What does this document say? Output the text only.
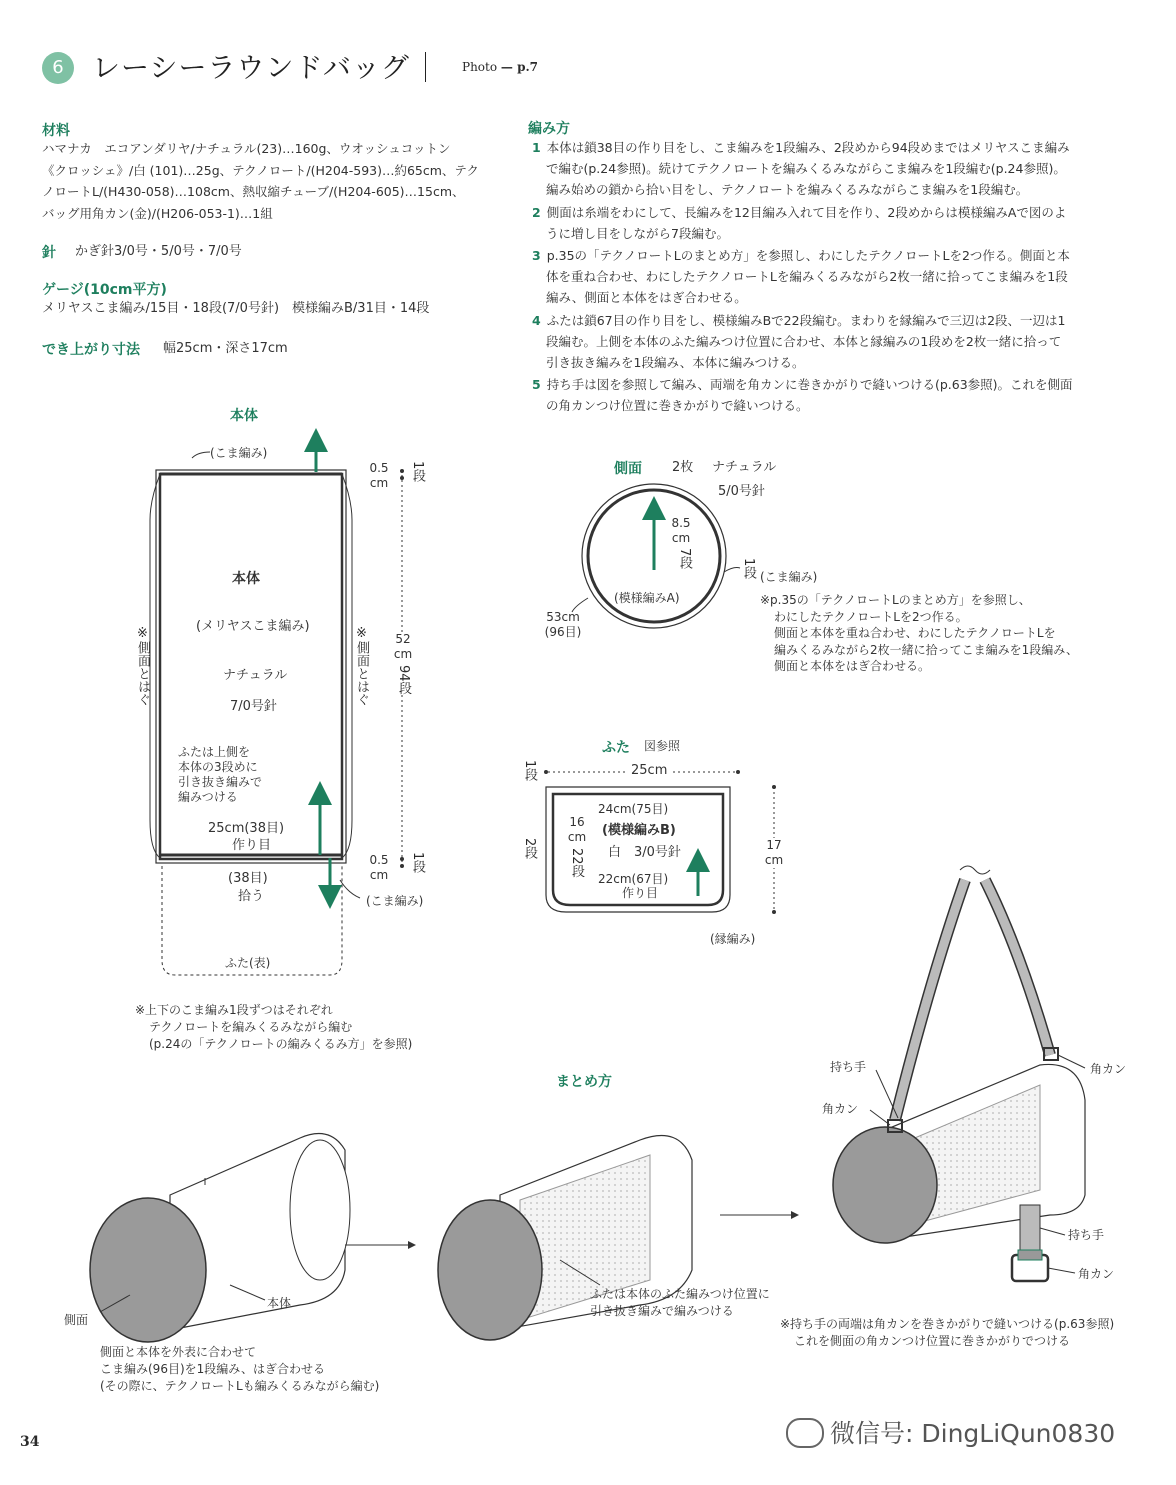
6	レーシーラウンドバッグ	Photo — p.7
材料
ハマナカ　エコアンダリヤ/ナチュラル(23)…160g、ウオッシュコットン
《クロッシェ》/白 (101)…25g、テクノロート/(H204-593)…約65cm、テク
ノロートL/(H430-058)…108cm、熱収縮チューブ/(H204-605)…15cm、
バッグ用角カン(金)/(H206-053-1)…1組
針 かぎ針3/0号・5/0号・7/0号
ゲージ(10cm平方)
メリヤスこま編み/15目・18段(7/0号針)　模様編みB/31目・14段
でき上がり寸法 幅25cm・深さ17cm
編み方
1 本体は鎖38目の作り目をし、こま編みを1段編み、2段めから94段めまではメリヤスこま編み
で編む(p.24参照)。続けてテクノロートを編みくるみながらこま編みを1段編む(p.24参照)。
編み始めの鎖から拾い目をし、テクノロートを編みくるみながらこま編みを1段編む。
2 側面は糸端をわにして、長編みを12目編み入れて目を作り、2段めからは模様編みAで図のよ
うに増し目をしながら7段編む。
3 p.35の「テクノロートLのまとめ方」を参照し、わにしたテクノロートLを2つ作る。側面と本
体を重ね合わせ、わにしたテクノロートLを編みくるみながら2枚一緒に拾ってこま編みを1段
編み、側面と本体をはぎ合わせる。
4 ふたは鎖67目の作り目をし、模様編みBで22段編む。まわりを縁編みで三辺は2段、一辺は1
段編む。上側を本体のふた編みつけ位置に合わせ、本体と縁編みの1段めを2枚一緒に拾って
引き抜き編みを1段編み、本体に編みつける。
5 持ち手は図を参照して編み、両端を角カンに巻きかがりで縫いつける(p.63参照)。これを側面
の角カンつけ位置に巻きかがりで縫いつける。
本体
(こま編み)
本体
(メリヤスこま編み)
ナチュラル
7/0号針
ふたは上側を
本体の3段めに
引き抜き編みで
編みつける
25cm(38目)
作り目
(38目)
拾う	(こま編み)
ふた(表)
※側面とはぐ	※側面とはぐ
0.5
cm
1段
52
cm
94段
0.5
cm
1段
※上下のこま編み1段ずつはそれぞれ
テクノロートを編みくるみながら編む
(p.24の「テクノロートの編みくるみ方」を参照)
側面 2枚 ナチュラル
5/0号針
8.5
cm
7段
(模様編みA)
53cm
(96目)
1段 (こま編み)
※p.35の「テクノロートLのまとめ方」を参照し、
わにしたテクノロートLを2つ作る。
側面と本体を重ね合わせ、わにしたテクノロートLを
編みくるみながら2枚一緒に拾ってこま編みを1段編み、
側面と本体をはぎ合わせる。
ふた 図参照
25cm
1段
2段
24cm(75目)
16
cm
22段
(模様編みB)
白　3/0号針
22cm(67目)
作り目
17
cm
(縁編み)
まとめ方
側面
本体
側面と本体を外表に合わせて
こま編み(96目)を1段編み、はぎ合わせる
(その際に、テクノロートLも編みくるみながら編む)
ふたは本体のふた編みつけ位置に
引き抜き編みで編みつける
持ち手
角カン
角カン
持ち手
角カン
※持ち手の両端は角カンを巻きかがりで縫いつける(p.63参照)
これを側面の角カンつけ位置に巻きかがりでつける
34	微信号: DingLiQun0830
